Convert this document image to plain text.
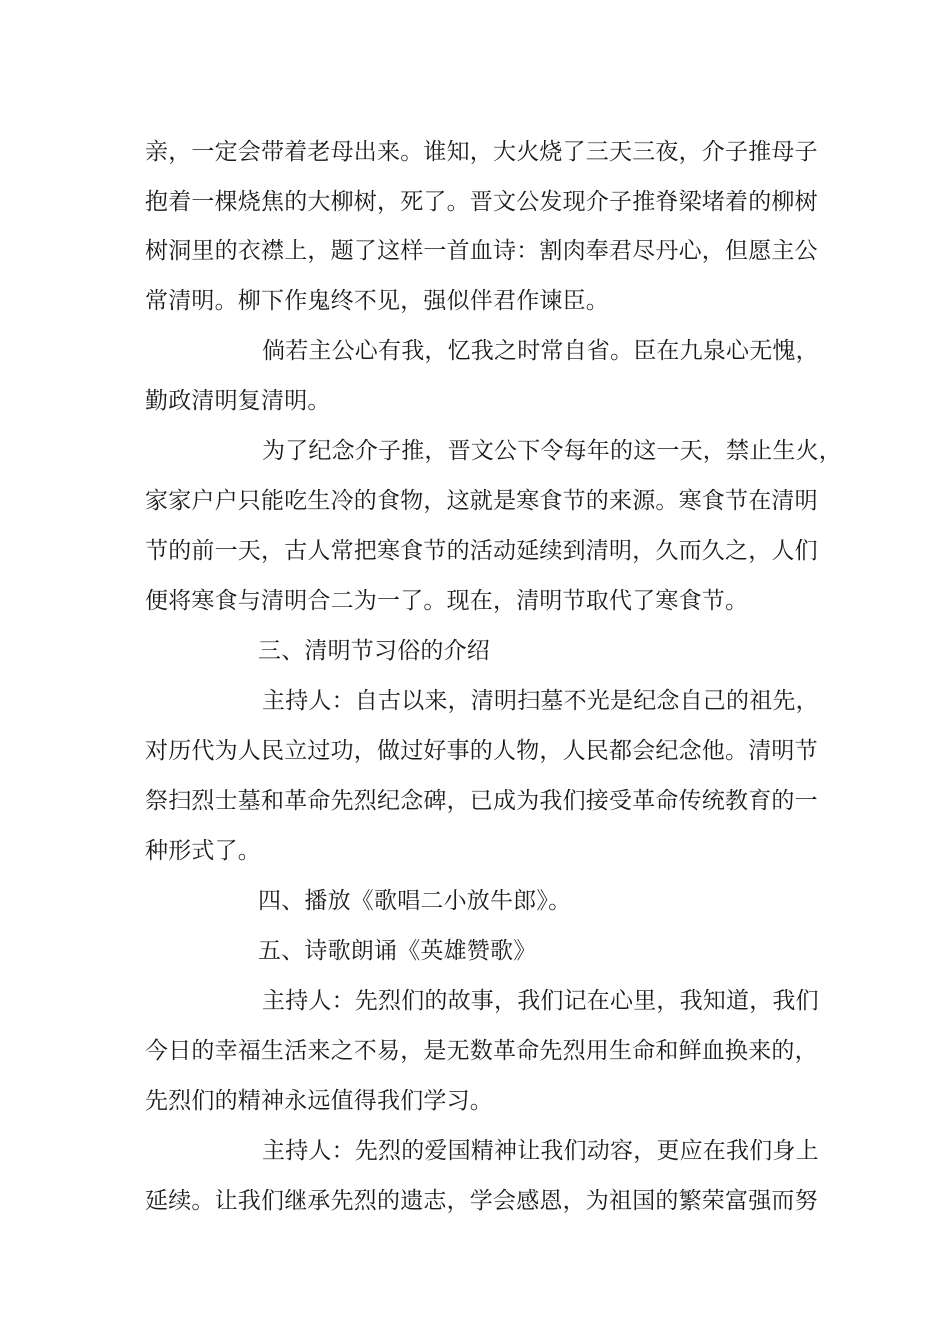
亲，一定会带着老母出来。谁知，大火烧了三天三夜，介子推母子
抱着一棵烧焦的大柳树，死了。晋文公发现介子推脊梁堵着的柳树
树洞里的衣襟上，题了这样一首血诗：割肉奉君尽丹心，但愿主公
常清明。柳下作鬼终不见，强似伴君作谏臣。
倘若主公心有我，忆我之时常自省。臣在九泉心无愧，
勤政清明复清明。
为了纪念介子推，晋文公下令每年的这一天，禁止生火，
家家户户只能吃生冷的食物，这就是寒食节的来源。寒食节在清明
节的前一天，古人常把寒食节的活动延续到清明，久而久之，人们
便将寒食与清明合二为一了。现在，清明节取代了寒食节。
三、清明节习俗的介绍
主持人：自古以来，清明扫墓不光是纪念自己的祖先，
对历代为人民立过功，做过好事的人物，人民都会纪念他。清明节
祭扫烈士墓和革命先烈纪念碑，已成为我们接受革命传统教育的一
种形式了。
四、播放《歌唱二小放牛郎》。
五、诗歌朗诵《英雄赞歌》
主持人：先烈们的故事，我们记在心里，我知道，我们
今日的幸福生活来之不易，是无数革命先烈用生命和鲜血换来的，
先烈们的精神永远值得我们学习。
主持人：先烈的爱国精神让我们动容，更应在我们身上
延续。让我们继承先烈的遗志，学会感恩，为祖国的繁荣富强而努
